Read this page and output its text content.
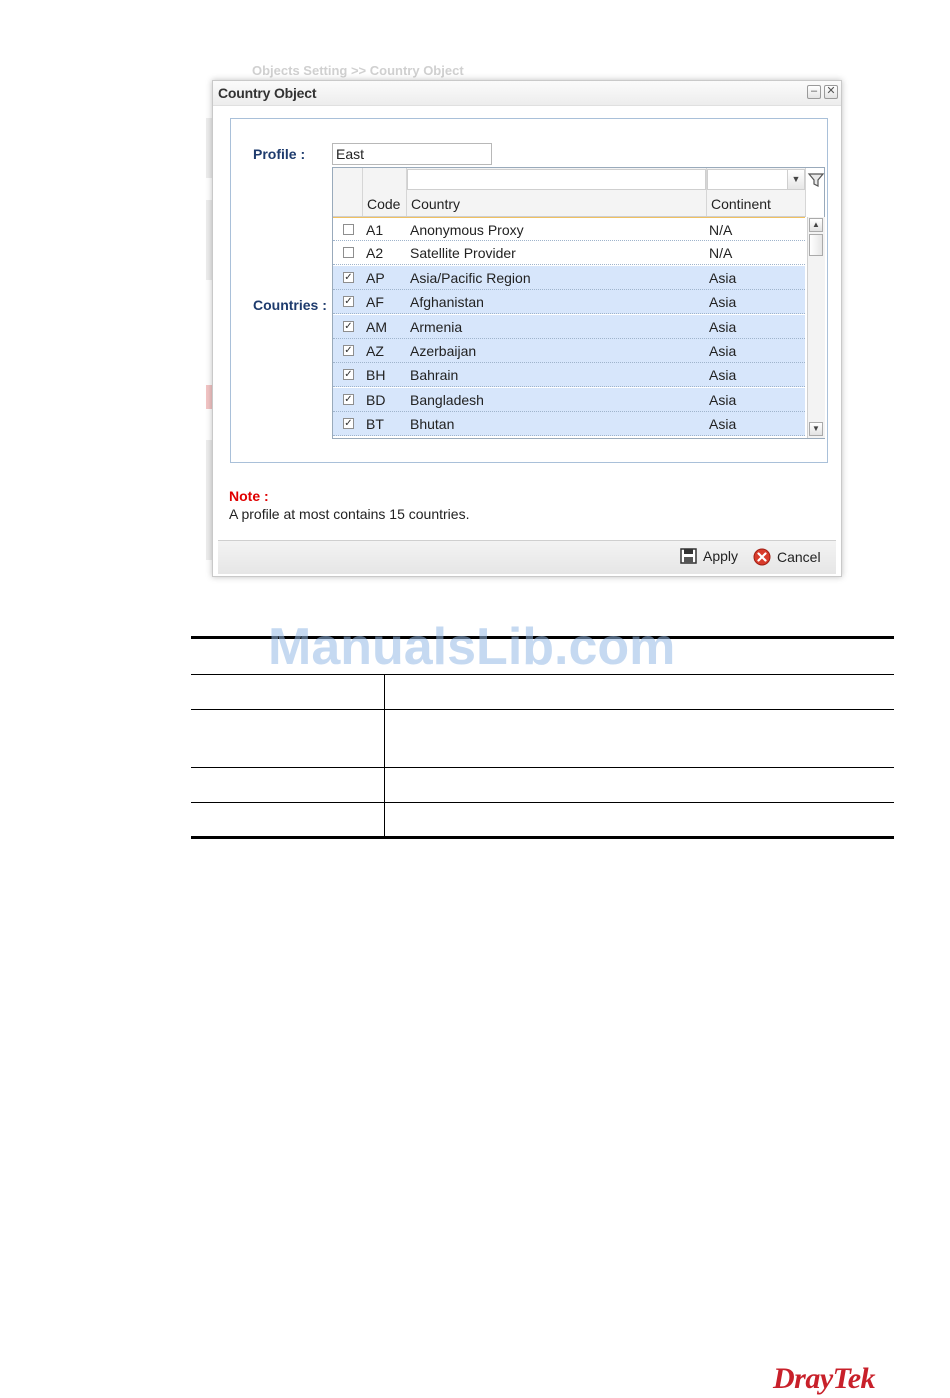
Objects Setting >> Country Object
Country Object	– ✕
Profile : East
Countries :
Code Country	Continent
▼
A1 Anonymous Proxy	N/A
A2 Satellite Provider	N/A
✓ AP Asia/Pacific Region	Asia
✓ AF Afghanistan	Asia
✓ AM Armenia	Asia
✓ AZ Azerbaijan	Asia
✓ BH Bahrain	Asia
✓ BD Bangladesh	Asia
✓ BT Bhutan	Asia
▲
▼
Note :
A profile at most contains 15 countries.
Apply	Cancel
ManualsLib.com
DrayTek
